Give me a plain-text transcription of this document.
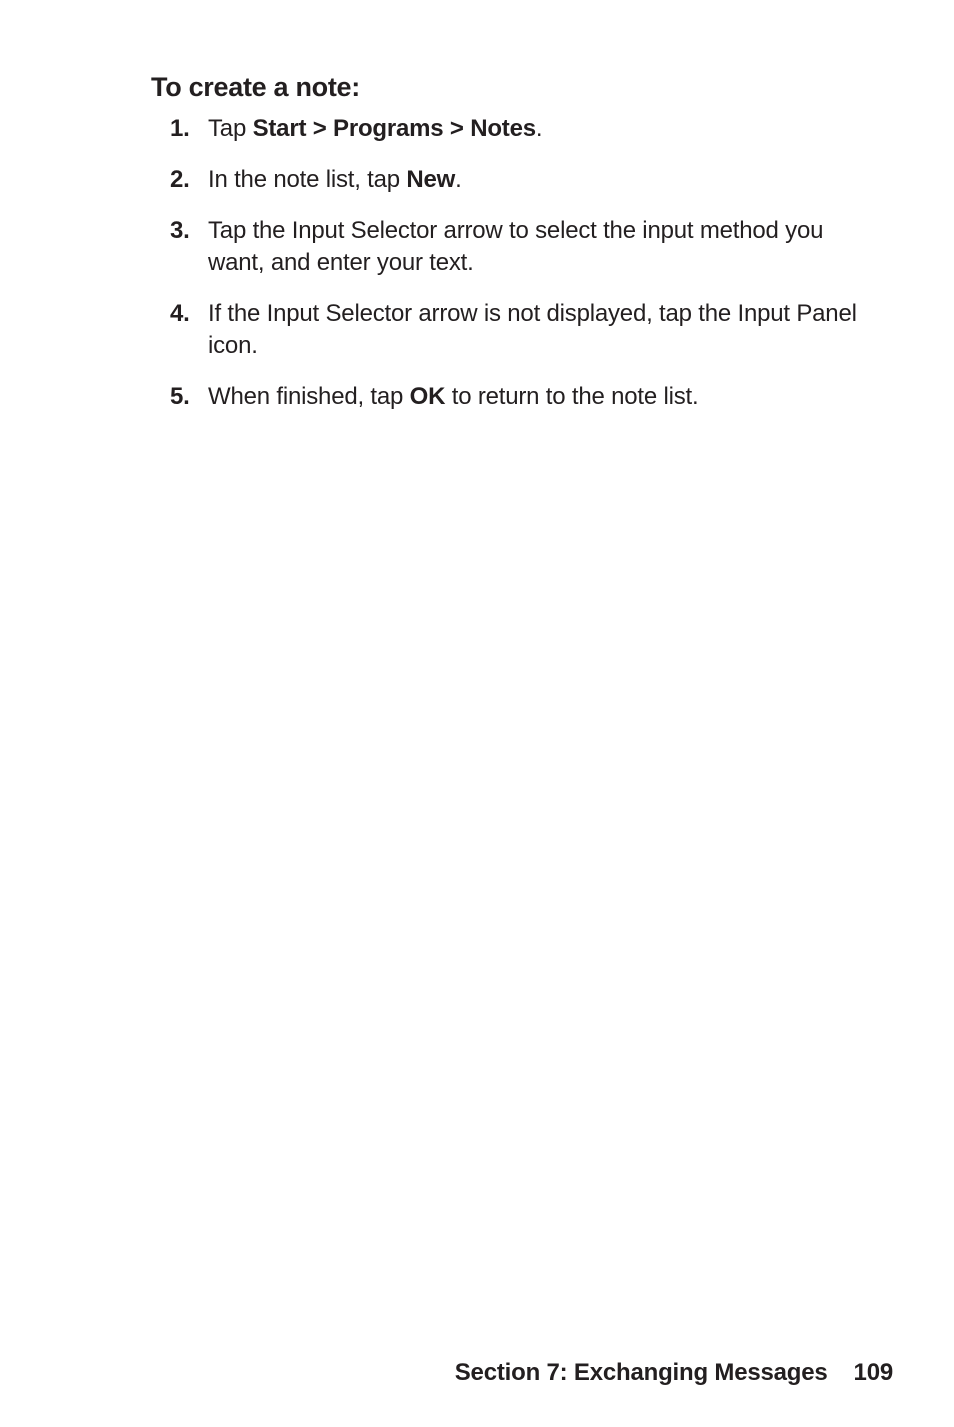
To create a note:
1. Tap Start > Programs > Notes.
2. In the note list, tap New.
3. Tap the Input Selector arrow to select the input method you want, and enter your text.
4. If the Input Selector arrow is not displayed, tap the Input Panel icon.
5. When finished, tap OK to return to the note list.
Section 7: Exchanging Messages 109
